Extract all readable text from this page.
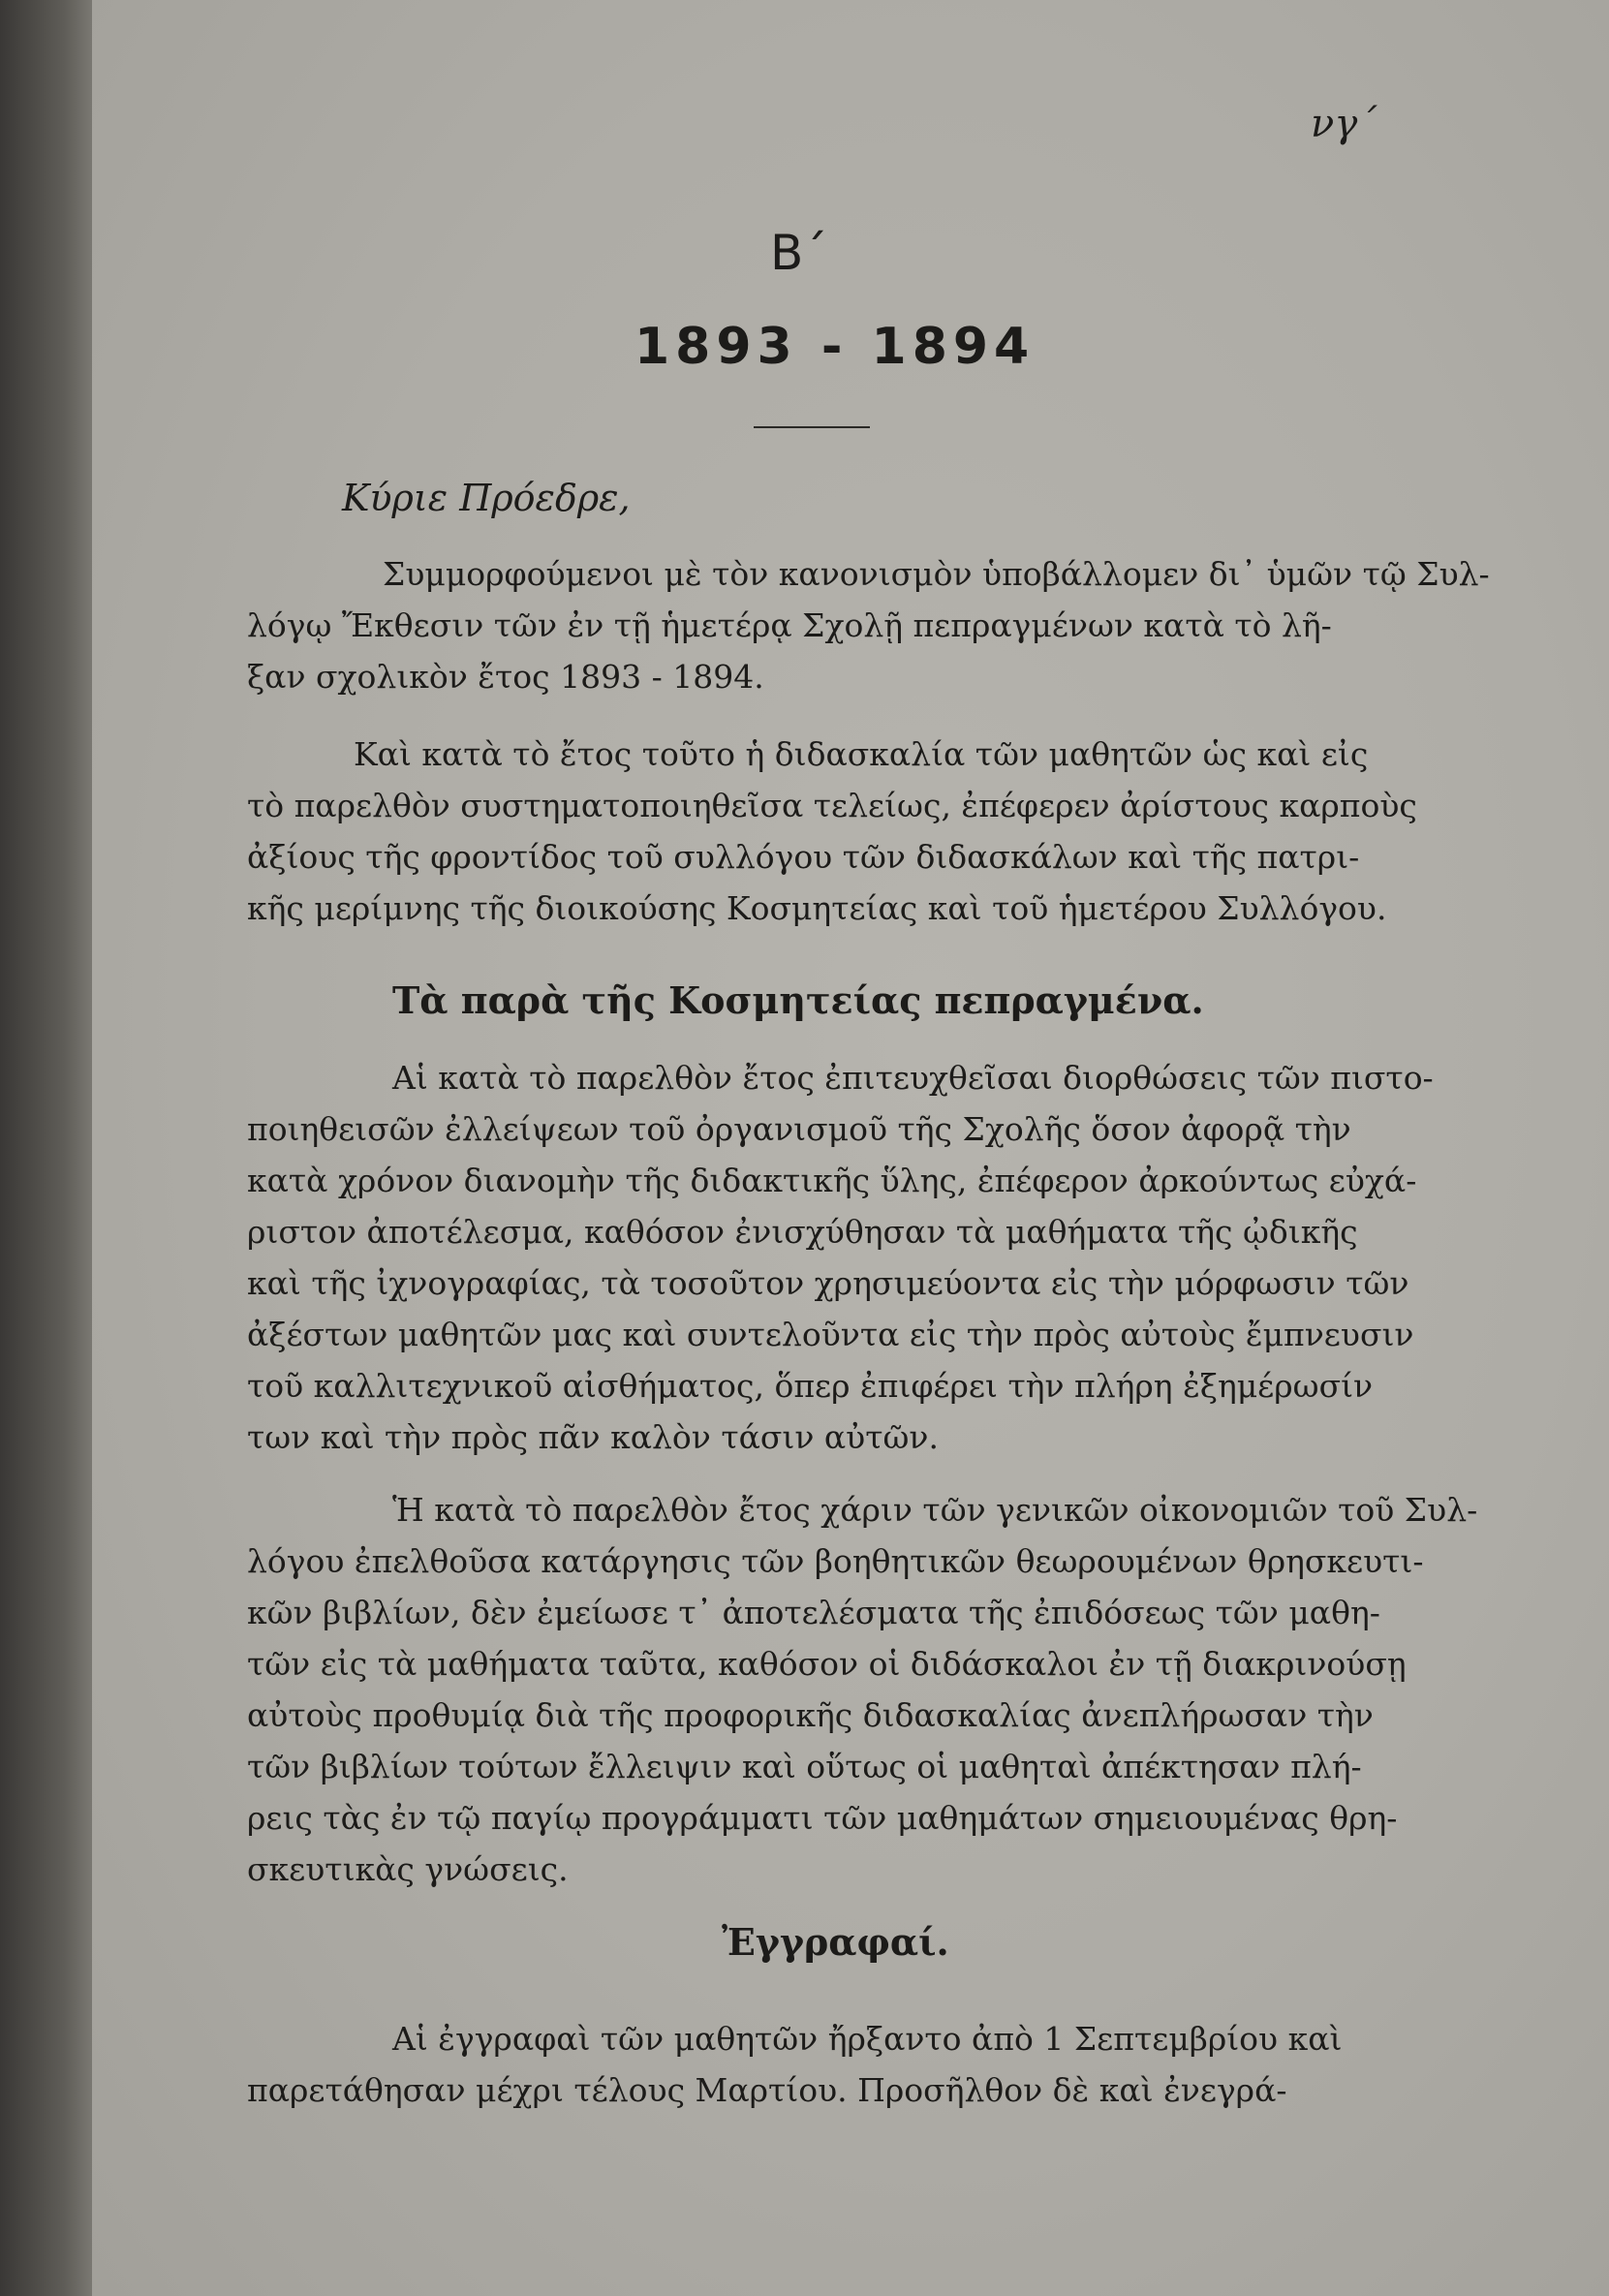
νγ΄
Β΄
1893 - 1894
Κύριε Πρόεδρε,
Συμμορφούμενοι μὲ τὸν κανονισμὸν ὑποβάλλομεν δι᾽ ὑμῶν τῷ Συλ-
λόγῳ Ἔκθεσιν τῶν ἐν τῇ ἡμετέρᾳ Σχολῇ πεπραγμένων κατὰ τὸ λῆ-
ξαν σχολικὸν ἔτος 1893 - 1894.
Καὶ κατὰ τὸ ἔτος τοῦτο ἡ διδασκαλία τῶν μαθητῶν ὡς καὶ εἰς
τὸ παρελθὸν συστηματοποιηθεῖσα τελείως, ἐπέφερεν ἀρίστους καρποὺς
ἀξίους τῆς φροντίδος τοῦ συλλόγου τῶν διδασκάλων καὶ τῆς πατρι-
κῆς μερίμνης τῆς διοικούσης Κοσμητείας καὶ τοῦ ἡμετέρου Συλλόγου.
Τὰ παρὰ τῆς Κοσμητείας πεπραγμένα.
Αἱ κατὰ τὸ παρελθὸν ἔτος ἐπιτευχθεῖσαι διορθώσεις τῶν πιστο-
ποιηθεισῶν ἐλλείψεων τοῦ ὀργανισμοῦ τῆς Σχολῆς ὅσον ἀφορᾷ τὴν
κατὰ χρόνον διανομὴν τῆς διδακτικῆς ὕλης, ἐπέφερον ἀρκούντως εὐχά-
ριστον ἀποτέλεσμα, καθόσον ἐνισχύθησαν τὰ μαθήματα τῆς ᾠδικῆς
καὶ τῆς ἰχνογραφίας, τὰ τοσοῦτον χρησιμεύοντα εἰς τὴν μόρφωσιν τῶν
ἀξέστων μαθητῶν μας καὶ συντελοῦντα εἰς τὴν πρὸς αὐτοὺς ἔμπνευσιν
τοῦ καλλιτεχνικοῦ αἰσθήματος, ὅπερ ἐπιφέρει τὴν πλήρη ἐξημέρωσίν
των καὶ τὴν πρὸς πᾶν καλὸν τάσιν αὐτῶν.
Ἡ κατὰ τὸ παρελθὸν ἔτος χάριν τῶν γενικῶν οἰκονομιῶν τοῦ Συλ-
λόγου ἐπελθοῦσα κατάργησις τῶν βοηθητικῶν θεωρουμένων θρησκευτι-
κῶν βιβλίων, δὲν ἐμείωσε τ᾽ ἀποτελέσματα τῆς ἐπιδόσεως τῶν μαθη-
τῶν εἰς τὰ μαθήματα ταῦτα, καθόσον οἱ διδάσκαλοι ἐν τῇ διακρινούσῃ
αὐτοὺς προθυμίᾳ διὰ τῆς προφορικῆς διδασκαλίας ἀνεπλήρωσαν τὴν
τῶν βιβλίων τούτων ἔλλειψιν καὶ οὕτως οἱ μαθηταὶ ἀπέκτησαν πλή-
ρεις τὰς ἐν τῷ παγίῳ προγράμματι τῶν μαθημάτων σημειουμένας θρη-
σκευτικὰς γνώσεις.
Ἐγγραφαί.
Αἱ ἐγγραφαὶ τῶν μαθητῶν ἤρξαντο ἀπὸ 1 Σεπτεμβρίου καὶ
παρετάθησαν μέχρι τέλους Μαρτίου. Προσῆλθον δὲ καὶ ἐνεγρά-
